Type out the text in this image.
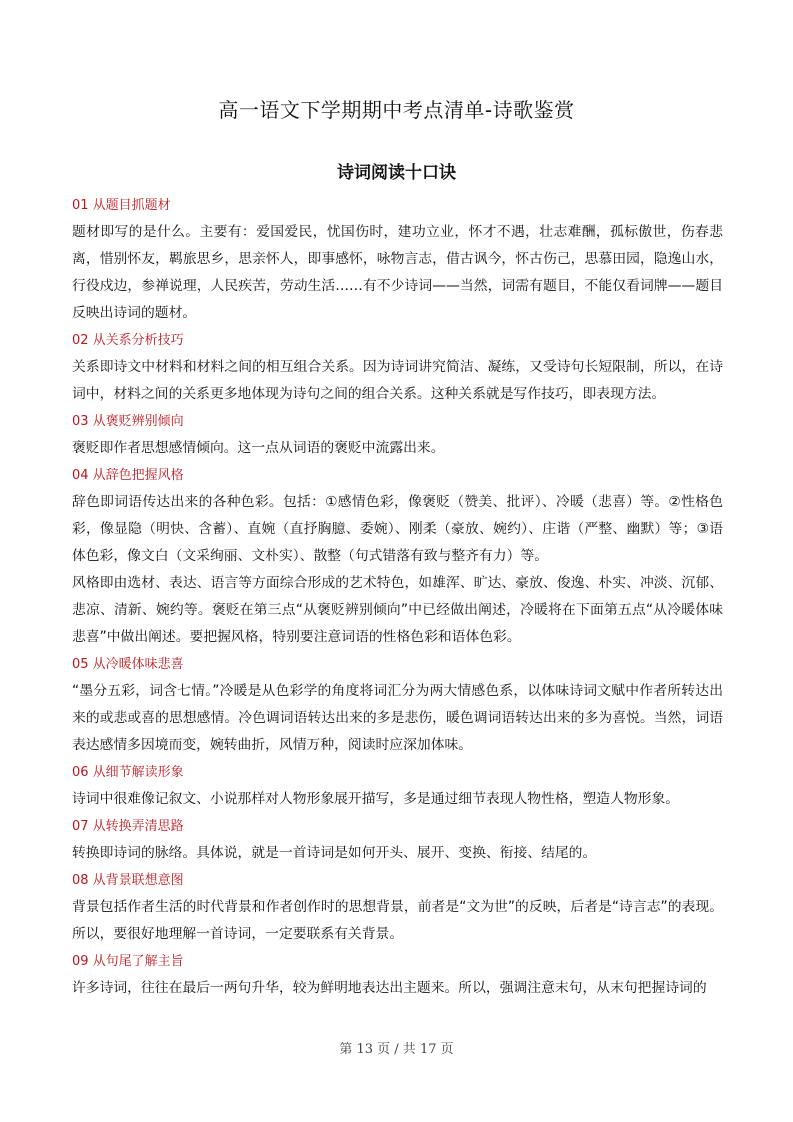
高一语文下学期期中考点清单-诗歌鉴赏
诗词阅读十口诀
01 从题目抓题材

题材即写的是什么。主要有：爱国爱民，忧国伤时，建功立业，怀才不遇，壮志难酬，孤标傲世，伤春悲离，惜别怀友，羁旅思乡，思亲怀人，即事感怀，咏物言志，借古讽今，怀古伤己，思慕田园，隐逸山水，行役戍边，参禅说理，人民疾苦，劳动生活……有不少诗词——当然，词需有题目，不能仅看词牌——题目反映出诗词的题材。

02 从关系分析技巧

关系即诗文中材料和材料之间的相互组合关系。因为诗词讲究简洁、凝练，又受诗句长短限制，所以，在诗词中，材料之间的关系更多地体现为诗句之间的组合关系。这种关系就是写作技巧，即表现方法。

03 从褒贬辨别倾向

褒贬即作者思想感情倾向。这一点从词语的褒贬中流露出来。

04 从辞色把握风格

辞色即词语传达出来的各种色彩。包括：①感情色彩，像褒贬（赞美、批评）、冷暖（悲喜）等。②性格色彩，像显隐（明快、含蓄）、直婉（直抒胸臆、委婉）、刚柔（豪放、婉约）、庄谐（严整、幽默）等；③语体色彩，像文白（文采绚丽、文朴实）、散整（句式错落有致与整齐有力）等。

风格即由选材、表达、语言等方面综合形成的艺术特色，如雄浑、旷达、豪放、俊逸、朴实、冲淡、沉郁、悲凉、清新、婉约等。褒贬在第三点“从褒贬辨别倾向”中已经做出阐述，冷暖将在下面第五点“从冷暖体味悲喜”中做出阐述。要把握风格，特别要注意词语的性格色彩和语体色彩。

05 从冷暖体味悲喜

“墨分五彩，词含七情。”冷暖是从色彩学的角度将词汇分为两大情感色系，以体味诗词文赋中作者所转达出来的或悲或喜的思想感情。冷色调词语转达出来的多是悲伤，暖色调词语转达出来的多为喜悦。当然，词语表达感情多因境而变，婉转曲折，风情万种，阅读时应深加体味。

06 从细节解读形象

诗词中很难像记叙文、小说那样对人物形象展开描写，多是通过细节表现人物性格，塑造人物形象。

07 从转换弄清思路

转换即诗词的脉络。具体说，就是一首诗词是如何开头、展开、变换、衔接、结尾的。

08 从背景联想意图

背景包括作者生活的时代背景和作者创作时的思想背景，前者是“文为世”的反映，后者是“诗言志”的表现。所以，要很好地理解一首诗词，一定要联系有关背景。

09 从句尾了解主旨

许多诗词，往往在最后一两句升华，较为鲜明地表达出主题来。所以，强调注意末句，从末句把握诗词的

第 13 页 / 共 17 页
